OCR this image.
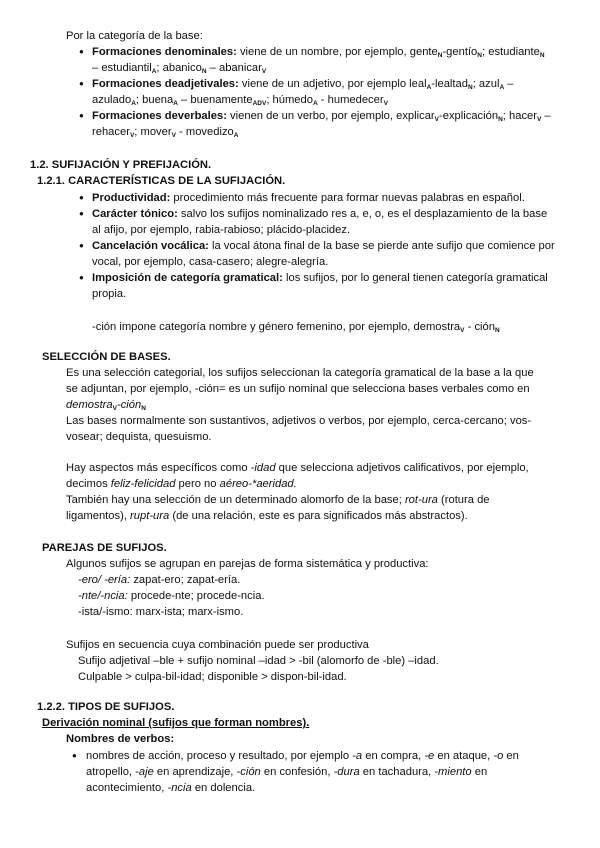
Por la categoría de la base:

● Formaciones denominales: viene de un nombre, por ejemplo, gente$_N$-gentío$_N$; estudiante$_N$ – estudiantil$_A$; abanico$_N$ – abanicar$_V$
● Formaciones deadjetivales: viene de un adjetivo, por ejemplo leal$_A$-lealtad$_N$; azul$_A$ – azulado$_A$; buena$_A$ – buenamente$_{ADV}$; húmedo$_A$ - humedecer$_V$
● Formaciones deverbales: vienen de un verbo, por ejemplo, explicar$_V$-explicación$_N$; hacer$_V$ – rehacer$_V$; mover$_V$ - movedizo$_A$

1.2. SUFIJACIÓN Y PREFIJACIÓN.

1.2.1. CARACTERÍSTICAS DE LA SUFIJACIÓN.

● Productividad: procedimiento más frecuente para formar nuevas palabras en español.
● Carácter tónico: salvo los sufijos nominalizado res a, e, o, es el desplazamiento de la base al afijo, por ejemplo, rabia-rabioso; plácido-placidez.
● Cancelación vocálica: la vocal átona final de la base se pierde ante sufijo que comience por vocal, por ejemplo, casa-casero; alegre-alegría.
● Imposición de categoría gramatical: los sufijos, por lo general tienen categoría gramatical propia.

-ción impone categoría nombre y género femenino, por ejemplo, demostra$_V$ - ción$_N$

SELECCIÓN DE BASES.

Es una selección categorial, los sufijos seleccionan la categoría gramatical de la base a la que se adjuntan, por ejemplo, -ción= es un sufijo nominal que selecciona bases verbales como en demostra$_V$-ción$_N$

Las bases normalmente son sustantivos, adjetivos o verbos, por ejemplo, cerca-cercano; vos-vosear; dequista, quesuismo.

Hay aspectos más específicos como -idad que selecciona adjetivos calificativos, por ejemplo, decimos feliz-felicidad pero no aéreo-*aeridad.

También hay una selección de un determinado alomorfo de la base; rot-ura (rotura de ligamentos), rupt-ura (de una relación, este es para significados más abstractos).

PAREJAS DE SUFIJOS.

Algunos sufijos se agrupan en parejas de forma sistemática y productiva:

-ero/ -ería: zapat-ero; zapat-ería.

-nte/-ncia: procede-nte; procede-ncia.

-ista/-ismo: marx-ista; marx-ismo.

Sufijos en secuencia cuya combinación puede ser productiva

Sufijo adjetival –ble + sufijo nominal –idad > -bil (alomorfo de -ble) –idad.

Culpable > culpa-bil-idad; disponible > dispon-bil-idad.

1.2.2. TIPOS DE SUFIJOS.

Derivación nominal (sufijos que forman nombres).

Nombres de verbos:

● nombres de acción, proceso y resultado, por ejemplo -a en compra, -e en ataque, -o en atropello, -aje en aprendizaje, -ción en confesión, -dura en tachadura, -miento en acontecimiento, -ncia en dolencia.
